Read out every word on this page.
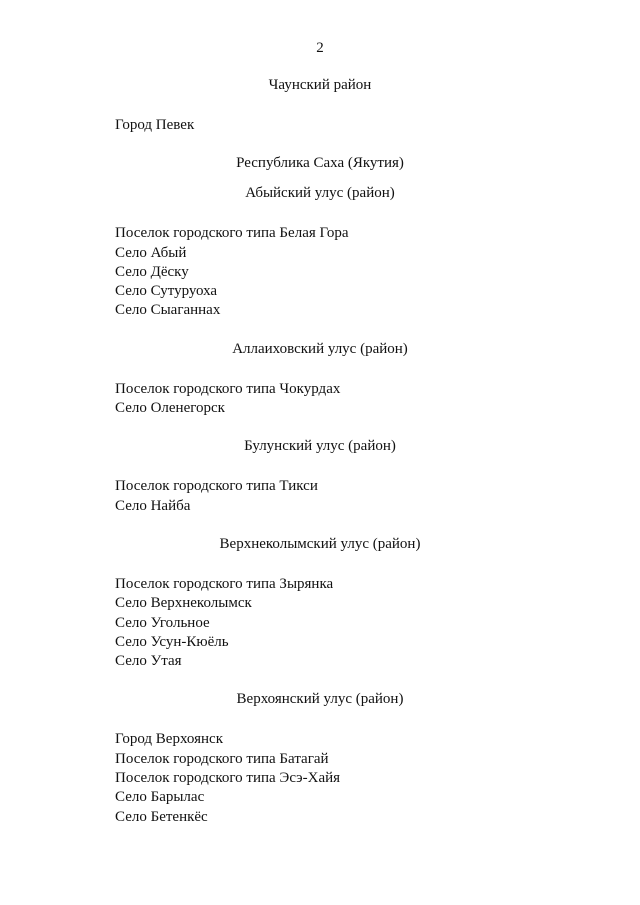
2
Чаунский район
Город Певек
Республика Саха (Якутия)
Абыйский улус (район)
Поселок городского типа Белая Гора
Село Абый
Село Дёску
Село Сутуруоха
Село Сыаганнах
Аллаиховский улус (район)
Поселок городского типа Чокурдах
Село Оленегорск
Булунский улус (район)
Поселок городского типа Тикси
Село Найба
Верхнеколымский улус (район)
Поселок городского типа Зырянка
Село Верхнеколымск
Село Угольное
Село Усун-Кюёль
Село Утая
Верхоянский улус (район)
Город Верхоянск
Поселок городского типа Батагай
Поселок городского типа Эсэ-Хайя
Село Барылас
Село Бетенкёс
